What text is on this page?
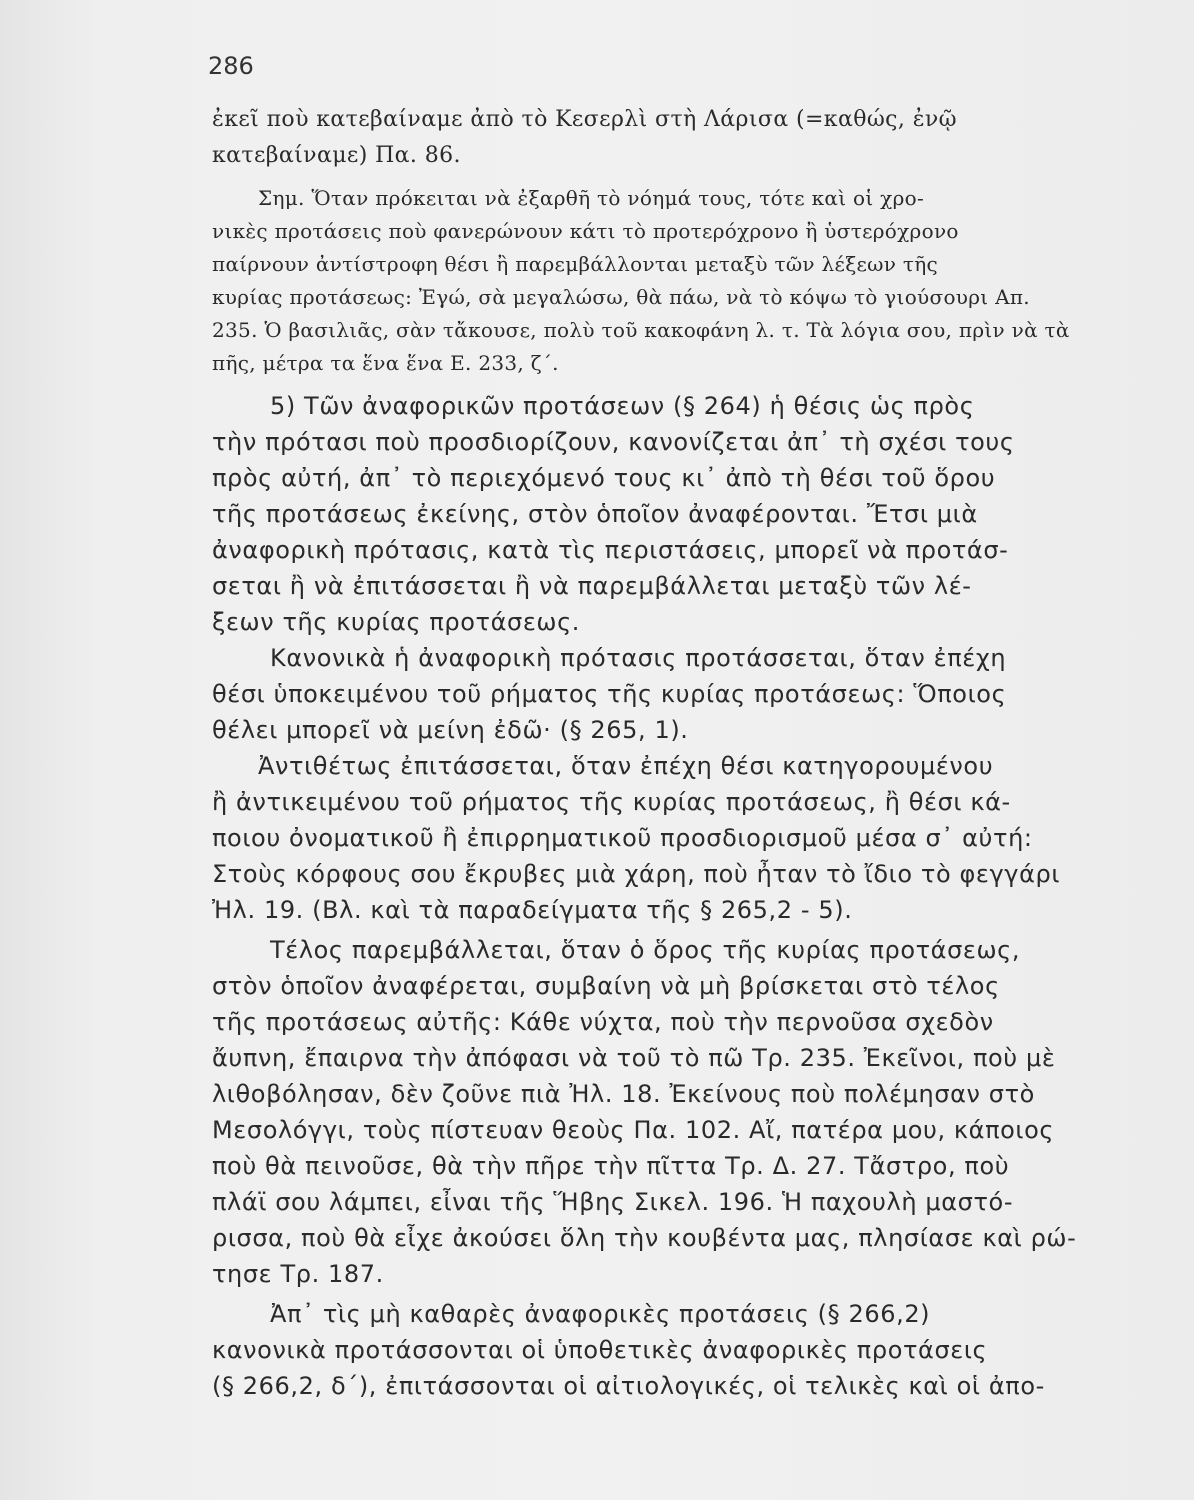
286
ἐκεῖ ποὺ κατεβαίναμε ἀπὸ τὸ Κεσερλὶ στὴ Λάρισα (=καθώς, ἐνῷ
κατεβαίναμε) Πα. 86.
Σημ. Ὅταν πρόκειται νὰ ἐξαρθῆ τὸ νόημά τους, τότε καὶ οἱ χρο-
νικὲς προτάσεις ποὺ φανερώνουν κάτι τὸ προτερόχρονο ἢ ὑστερόχρονο
παίρνουν ἀντίστροφη θέσι ἢ παρεμβάλλονται μεταξὺ τῶν λέξεων τῆς
κυρίας προτάσεως: Ἐγώ, σὰ μεγαλώσω, θὰ πάω, νὰ τὸ κόψω τὸ γιούσουρι Απ.
235. Ὁ βασιλιᾶς, σὰν τἄκουσε, πολὺ τοῦ κακοφάνη λ. τ. Τὰ λόγια σου, πρὶν νὰ τὰ
πῆς, μέτρα τα ἕνα ἕνα Ε. 233, ζ΄.
5) Τῶν ἀναφορικῶν προτάσεων (§ 264) ἡ θέσις ὡς πρὸς
τὴν πρότασι ποὺ προσδιορίζουν, κανονίζεται ἀπ᾿ τὴ σχέσι τους
πρὸς αὐτή, ἀπ᾿ τὸ περιεχόμενό τους κι᾿ ἀπὸ τὴ θέσι τοῦ ὅρου
τῆς προτάσεως ἐκείνης, στὸν ὁποῖον ἀναφέρονται. Ἔτσι μιὰ
ἀναφορικὴ πρότασις, κατὰ τὶς περιστάσεις, μπορεῖ νὰ προτάσ-
σεται ἢ νὰ ἐπιτάσσεται ἢ νὰ παρεμβάλλεται μεταξὺ τῶν λέ-
ξεων τῆς κυρίας προτάσεως.
Κανονικὰ ἡ ἀναφορικὴ πρότασις προτάσσεται, ὅταν ἐπέχη
θέσι ὑποκειμένου τοῦ ρήματος τῆς κυρίας προτάσεως: Ὅποιος
θέλει μπορεῖ νὰ μείνη ἐδῶ· (§ 265, 1).
Ἀντιθέτως ἐπιτάσσεται, ὅταν ἐπέχη θέσι κατηγορουμένου
ἢ ἀντικειμένου τοῦ ρήματος τῆς κυρίας προτάσεως, ἢ θέσι κά-
ποιου ὀνοματικοῦ ἢ ἐπιρρηματικοῦ προσδιορισμοῦ μέσα σ᾿ αὐτή:
Στοὺς κόρφους σου ἔκρυβες μιὰ χάρη, ποὺ ἦταν τὸ ἴδιο τὸ φεγγάρι
Ἠλ. 19. (Βλ. καὶ τὰ παραδείγματα τῆς § 265,2 - 5).
Τέλος παρεμβάλλεται, ὅταν ὁ ὅρος τῆς κυρίας προτάσεως,
στὸν ὁποῖον ἀναφέρεται, συμβαίνη νὰ μὴ βρίσκεται στὸ τέλος
τῆς προτάσεως αὐτῆς: Κάθε νύχτα, ποὺ τὴν περνοῦσα σχεδὸν
ἄυπνη, ἔπαιρνα τὴν ἀπόφασι νὰ τοῦ τὸ πῶ Τρ. 235. Ἐκεῖνοι, ποὺ μὲ
λιθοβόλησαν, δὲν ζοῦνε πιὰ Ἠλ. 18. Ἐκείνους ποὺ πολέμησαν στὸ
Μεσολόγγι, τοὺς πίστευαν θεοὺς Πα. 102. Αἴ, πατέρα μου, κάποιος
ποὺ θὰ πεινοῦσε, θὰ τὴν πῆρε τὴν πῖττα Τρ. Δ. 27. Τἄστρο, ποὺ
πλάϊ σου λάμπει, εἶναι τῆς Ἥβης Σικελ. 196. Ἡ παχουλὴ μαστό-
ρισσα, ποὺ θὰ εἶχε ἀκούσει ὅλη τὴν κουβέντα μας, πλησίασε καὶ ρώ-
τησε Τρ. 187.
Ἀπ᾿ τὶς μὴ καθαρὲς ἀναφορικὲς προτάσεις (§ 266,2)
κανονικὰ προτάσσονται οἱ ὑποθετικὲς ἀναφορικὲς προτάσεις
(§ 266,2, δ΄), ἐπιτάσσονται οἱ αἰτιολογικές, οἱ τελικὲς καὶ οἱ ἀπο-
